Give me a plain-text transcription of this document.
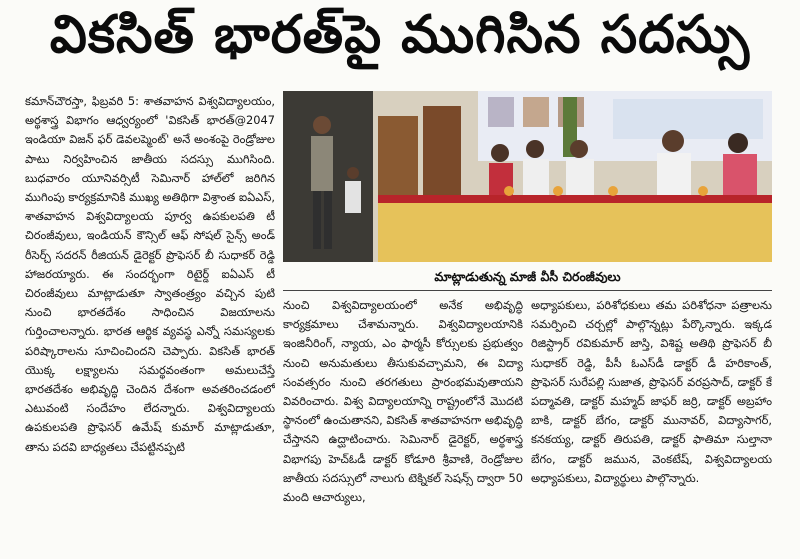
వికసిత్‌ భారత్‌పై ముగిసిన సదస్సు

కమాన్‌చౌరస్తా, ఫిబ్రవరి 5: శాతవాహన విశ్వవిద్యాలయం, అర్థశాస్త్ర విభాగం ఆధ్వర్యంలో 'వికసిత్‌ భారత్‌@2047 ఇండియా విజన్‌ ఫర్‌ డెవలప్మెంట్‌' అనే అంశంపై రెండ్రోజుల పాటు నిర్వహించిన జాతీయ సదస్సు ముగిసింది. బుధవారం యూనివర్సిటీ సెమినార్‌ హాల్‌లో జరిగిన ముగింపు కార్యక్రమానికి ముఖ్య అతిథిగా విశ్రాంత ఐఏఎస్‌, శాతవాహన విశ్వవిద్యాలయ పూర్వ ఉపకులపతి టీ చిరంజీవులు, ఇండియన్‌ కౌన్సిల్‌ ఆఫ్‌ సోషల్‌ సైన్స్‌ అండ్‌ రీసెర్చ్‌ సదరన్‌ రీజియన్‌ డైరెక్టర్‌ ప్రొఫెసర్‌ బీ సుధాకర్‌ రెడ్డి హాజరయ్యారు. ఈ సందర్భంగా రిటైర్డ్‌ ఐఏఎస్‌ టీ చిరంజీవులు మాట్లాడుతూ స్వాతంత్ర్యం వచ్చిన పుటి నుంచి భారతదేశం సాధించిన విజయాలను గుర్తించాలన్నారు. భారత ఆర్థిక వ్యవస్థ ఎన్నో సమస్యలకు పరిష్కారాలను సూచించిందని చెప్పారు. వికసిత్‌ భారత్‌ యొక్క లక్ష్యాలను సమర్థవంతంగా అమలుచేస్తే భారతదేశం అభివృద్ధి చెందిన దేశంగా అవతరించడంలో ఎటువంటి సందేహం లేదన్నారు. విశ్వవిద్యాలయ ఉపకులపతి ప్రొఫెసర్‌ ఉమేష్‌ కుమార్‌ మాట్లాడుతూ, తాను పదవి బాధ్యతలు చేపట్టినప్పటి

మాట్లాడుతున్న మాజీ వీసీ చిరంజీవులు

నుంచి విశ్వవిద్యాలయంలో అనేక అభివృద్ధి కార్యక్రమాలు చేశామన్నారు. విశ్వవిద్యాలయానికి ఇంజినీరింగ్‌, న్యాయ, ఎం ఫార్మసీ కోర్సులకు ప్రభుత్వం నుంచి అనుమతులు తీసుకువచ్చామని, ఈ విద్యా సంవత్సరం నుంచి తరగతులు ప్రారంభమవుతాయని వివరించారు. విశ్వ విద్యాలయాన్ని రాష్ట్రంలోనే మొదటి స్థానంలో ఉంచుతానని, వికసిత్‌ శాతవాహనగా అభివృద్ధి చేస్తానని ఉద్ఘాటించారు. సెమినార్‌ డైరెక్టర్‌, అర్థశాస్త్ర విభాగపు హెచ్‌ఓడీ డాక్టర్‌ కోడూరి శ్రీవాణి, రెండ్రోజుల జాతీయ సదస్సులో నాలుగు టెక్నికల్‌ సెషన్స్‌ ద్వారా 50 మంది ఆచార్యులు,

అధ్యాపకులు, పరిశోధకులు తమ పరిశోధనా పత్రాలను సమర్పించి చర్చల్లో పాల్గొన్నట్లు పేర్కొన్నారు. ఇక్కడ రిజిస్ట్రార్‌ రవికుమార్‌ జాస్తి, విశిష్ట అతిథి ప్రొఫెసర్‌ బీ సుధాకర్‌ రెడ్డి, పీసీ ఓఎస్‌డీ డాక్టర్‌ డీ హరికాంత్‌, ప్రొఫెసర్‌ సురేపల్లి సుజాత, ప్రొఫెసర్‌ వరప్రసాద్‌, డాక్టర్‌ కే పద్మావతి, డాక్టర్‌ మహ్మద్‌ జాఫర్‌ జర్రి, డాక్టర్‌ అబ్రహాం బాకి, డాక్టర్‌ బేగం, డాక్టర్‌ మునావర్‌, విద్యాసాగర్‌, కనకయ్య, డాక్టర్‌ తిరుపతి, డాక్టర్‌ ఫాతిమా సుల్తానా బేగం, డాక్టర్‌ జమున, వెంకటేష్‌, విశ్వవిద్యాలయ అధ్యాపకులు, విద్యార్థులు పాల్గొన్నారు.
